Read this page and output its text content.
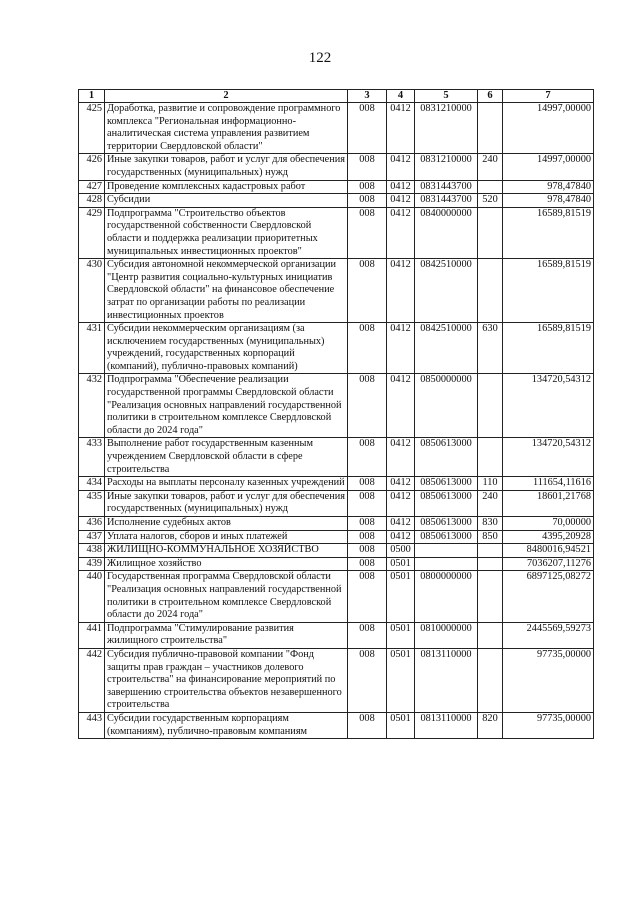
122
1	2	3	4	5	6	7
425	Доработка, развитие и сопровождение программного комплекса "Региональная информационно-аналитическая система управления развитием территории Свердловской области"	008	0412	0831210000		14997,00000
426	Иные закупки товаров, работ и услуг для обеспечения государственных (муниципальных) нужд	008	0412	0831210000	240	14997,00000
427	Проведение комплексных кадастровых работ	008	0412	0831443700		978,47840
428	Субсидии	008	0412	0831443700	520	978,47840
429	Подпрограмма "Строительство объектов государственной собственности Свердловской области и поддержка реализации приоритетных муниципальных инвестиционных проектов"	008	0412	0840000000		16589,81519
430	Субсидия автономной некоммерческой организации "Центр развития социально-культурных инициатив Свердловской области" на финансовое обеспечение затрат по организации работы по реализации инвестиционных проектов	008	0412	0842510000		16589,81519
431	Субсидии некоммерческим организациям (за исключением государственных (муниципальных) учреждений, государственных корпораций (компаний), публично-правовых компаний)	008	0412	0842510000	630	16589,81519
432	Подпрограмма "Обеспечение реализации государственной программы Свердловской области "Реализация основных направлений государственной политики в строительном комплексе Свердловской области до 2024 года"	008	0412	0850000000		134720,54312
433	Выполнение работ государственным казенным учреждением Свердловской области в сфере строительства	008	0412	0850613000		134720,54312
434	Расходы на выплаты персоналу казенных учреждений	008	0412	0850613000	110	111654,11616
435	Иные закупки товаров, работ и услуг для обеспечения государственных (муниципальных) нужд	008	0412	0850613000	240	18601,21768
436	Исполнение судебных актов	008	0412	0850613000	830	70,00000
437	Уплата налогов, сборов и иных платежей	008	0412	0850613000	850	4395,20928
438	ЖИЛИЩНО-КОММУНАЛЬНОЕ ХОЗЯЙСТВО	008	0500			8480016,94521
439	Жилищное хозяйство	008	0501			7036207,11276
440	Государственная программа Свердловской области "Реализация основных направлений государственной политики в строительном комплексе Свердловской области до 2024 года"	008	0501	0800000000		6897125,08272
441	Подпрограмма "Стимулирование развития жилищного строительства"	008	0501	0810000000		2445569,59273
442	Субсидия публично-правовой компании "Фонд защиты прав граждан – участников долевого строительства" на финансирование мероприятий по завершению строительства объектов незавершенного строительства	008	0501	0813110000		97735,00000
443	Субсидии государственным корпорациям (компаниям), публично-правовым компаниям	008	0501	0813110000	820	97735,00000
